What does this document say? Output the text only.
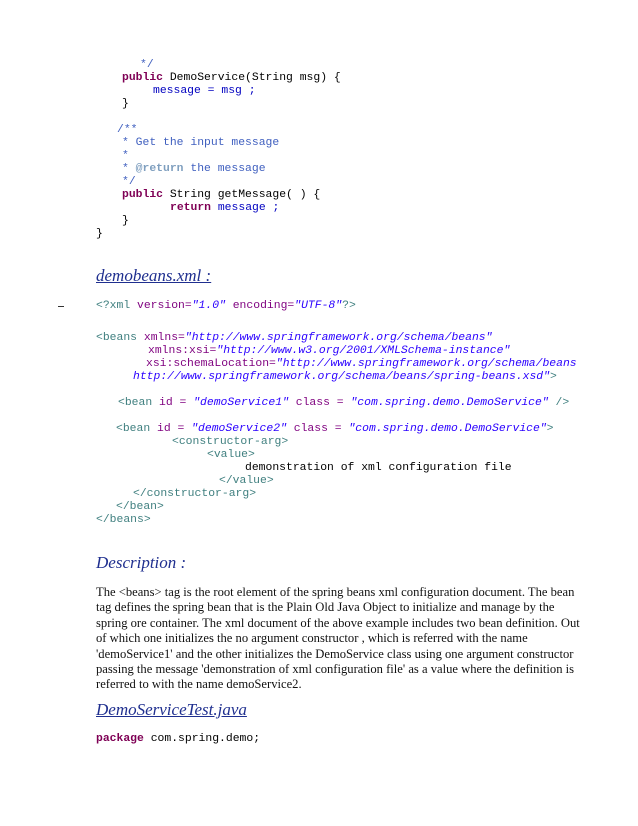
*/
public DemoService(String msg) {
message = msg ;
}
/**
* Get the input message
*
* @return the message
*/
public String getMessage( ) {
return message ;
}
}
demobeans.xml :
<?xml version="1.0" encoding="UTF-8"?>
<beans xmlns="http://www.springframework.org/schema/beans"
xmlns:xsi="http://www.w3.org/2001/XMLSchema-instance"
xsi:schemaLocation="http://www.springframework.org/schema/beans
http://www.springframework.org/schema/beans/spring-beans.xsd">
<bean id = "demoService1" class = "com.spring.demo.DemoService" />
<bean id = "demoService2" class = "com.spring.demo.DemoService">
<constructor-arg>
<value>
demonstration of xml configuration file
</value>
</constructor-arg>
</bean>
</beans>
Description :
The <beans> tag is the root element of the spring beans xml configuration document. The bean
tag defines the spring bean that is the Plain Old Java Object to initialize and manage by the
spring ore container. The xml document of the above example includes two bean definition. Out
of which one initializes the no argument constructor , which is referred with the name
'demoService1' and the other initializes the DemoService class using one argument constructor
passing the message 'demonstration of xml configuration file' as a value where the definition is
referred to with the name demoService2.
DemoServiceTest.java
package com.spring.demo;
